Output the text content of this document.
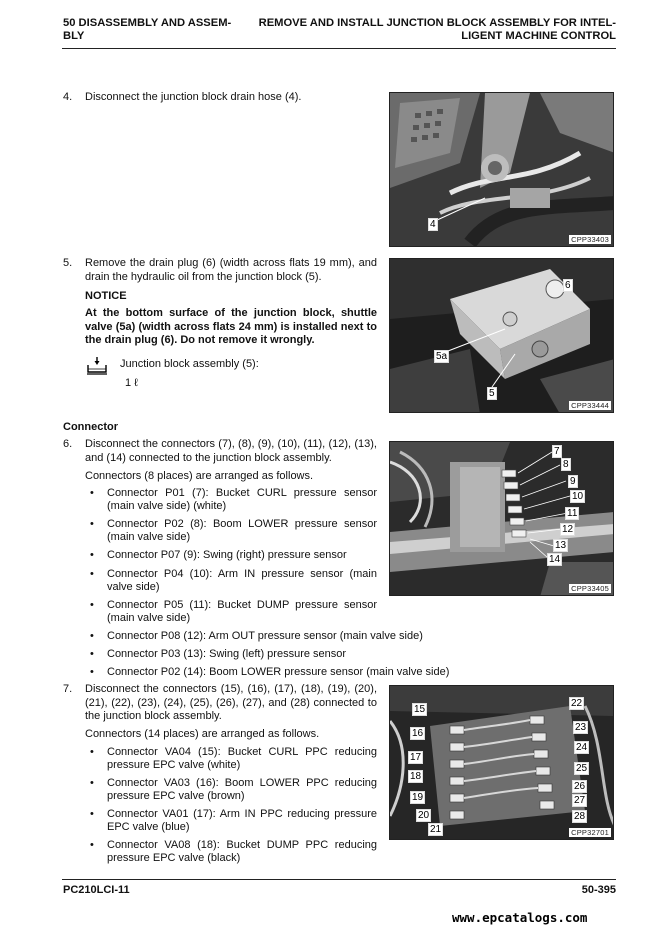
50 DISASSEMBLY AND ASSEM-
BLY
REMOVE AND INSTALL JUNCTION BLOCK ASSEMBLY FOR INTEL-
LIGENT MACHINE CONTROL
4. Disconnect the junction block drain hose (4).
4
CPP33403
5. Remove the drain plug (6) (width across flats 19 mm), and drain the hydraulic oil from the junction block (5).
NOTICE
At the bottom surface of the junction block, shuttle valve (5a) (width across flats 24 mm) is installed next to the drain plug (6). Do not remove it wrongly.
Junction block assembly (5):
1 ℓ
6
5a
5
CPP33444
Connector
6. Disconnect the connectors (7), (8), (9), (10), (11), (12), (13), and (14) connected to the junction block assembly.
Connectors (8 places) are arranged as follows.
• Connector P01 (7): Bucket CURL pressure sensor (main valve side) (white)
• Connector P02 (8): Boom LOWER pressure sensor (main valve side)
• Connector P07 (9): Swing (right) pressure sensor
• Connector P04 (10): Arm IN pressure sensor (main valve side)
• Connector P05 (11): Bucket DUMP pressure sensor (main valve side)
• Connector P08 (12): Arm OUT pressure sensor (main valve side)
• Connector P03 (13): Swing (left) pressure sensor
• Connector P02 (14): Boom LOWER pressure sensor (main valve side)
7
8
9
10
11
12
13
14
CPP33405
7. Disconnect the connectors (15), (16), (17), (18), (19), (20), (21), (22), (23), (24), (25), (26), (27), and (28) connected to the junction block assembly.
Connectors (14 places) are arranged as follows.
• Connector VA04 (15): Bucket CURL PPC reducing pressure EPC valve (white)
• Connector VA03 (16): Boom LOWER PPC reducing pressure EPC valve (brown)
• Connector VA01 (17): Arm IN PPC reducing pressure EPC valve (blue)
• Connector VA08 (18): Bucket DUMP PPC reducing pressure EPC valve (black)
15
16
17
18
19
20
21
22
23
24
25
26
27
28
CPP32701
PC210LCI-11	50-395
www.epcatalogs.com
